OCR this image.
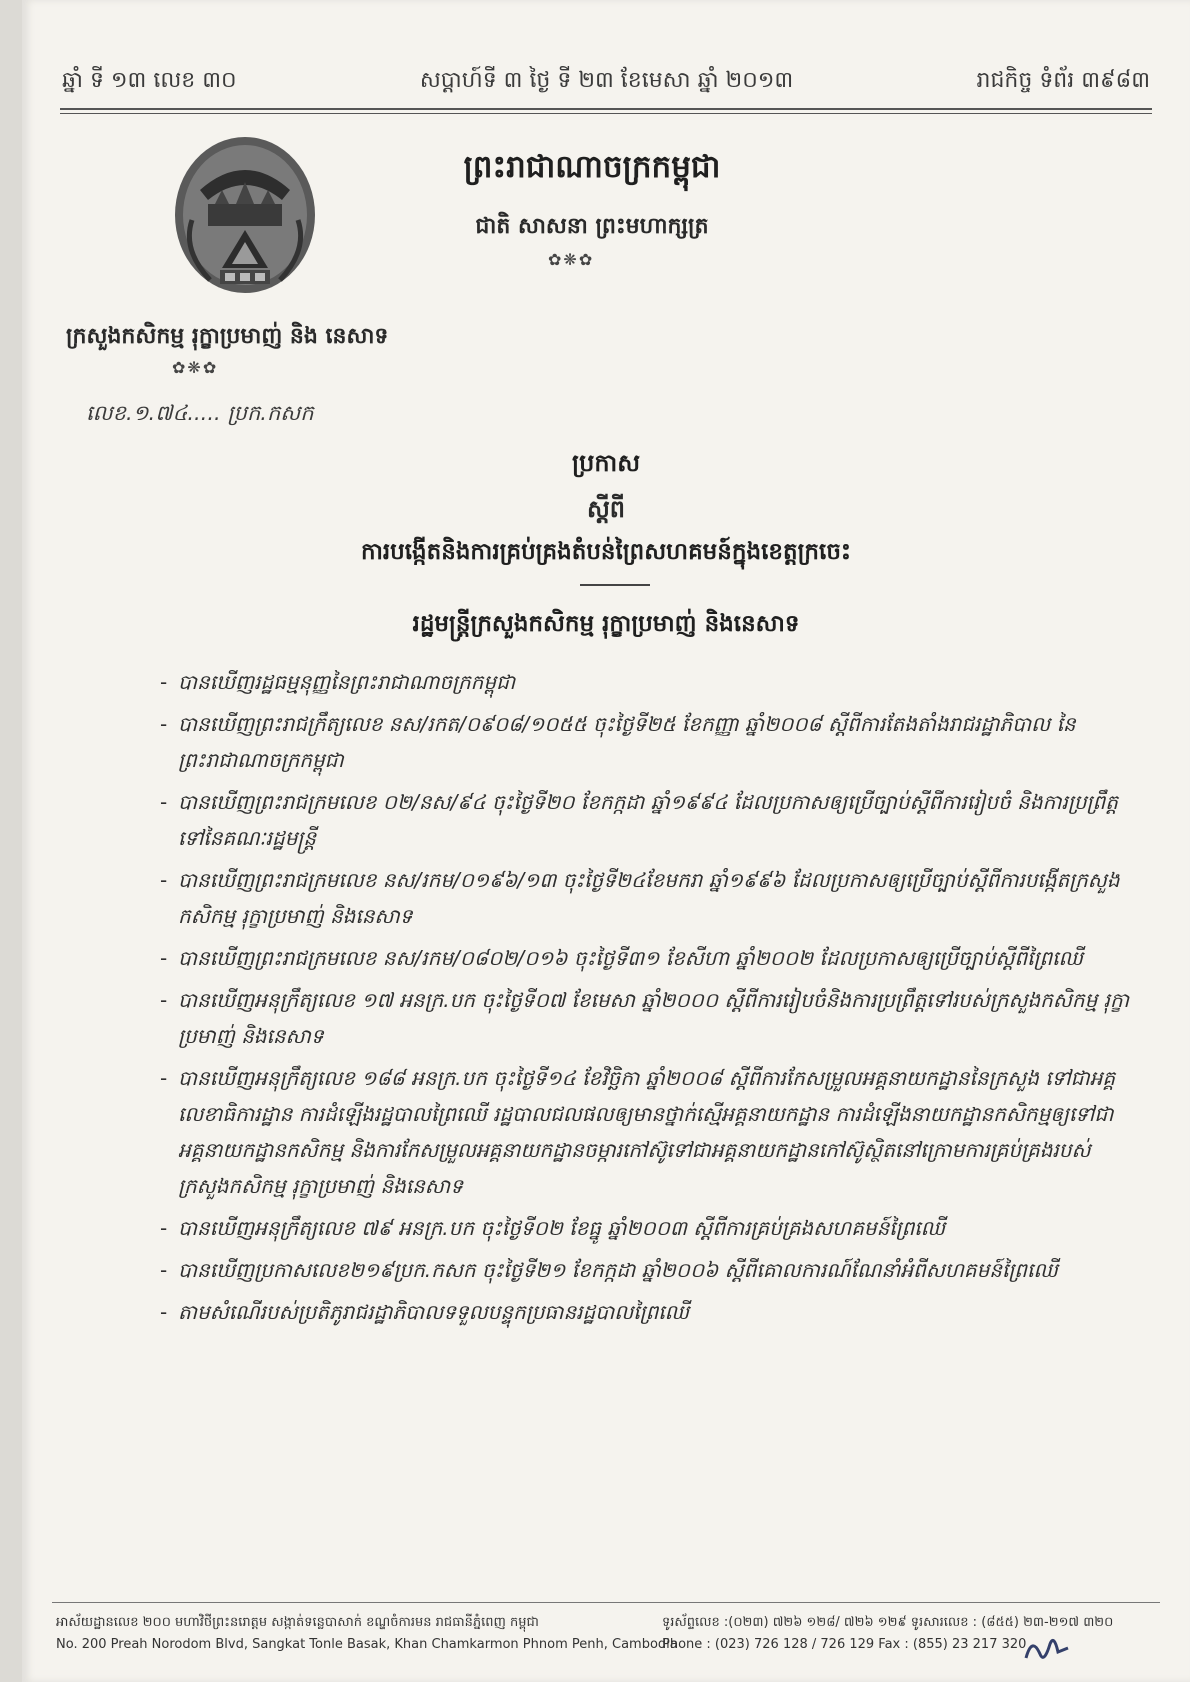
ឆ្នាំ ទី ១៣ លេខ ៣០	សប្តាហ៍ទី ៣ ថ្ងៃ ទី ២៣ ខែមេសា ឆ្នាំ ២០១៣	រាជកិច្ច ទំព័រ ៣៩៨៣
ព្រះរាជាណាចក្រកម្ពុជា
ជាតិ សាសនា ព្រះមហាក្សត្រ
✿❋✿
ក្រសួងកសិកម្ម រុក្ខាប្រមាញ់ និង នេសាទ
✿❋✿
លេខ.១.៧៤..... ប្រក.កសក
ប្រកាស
ស្តីពី
ការបង្កើតនិងការគ្រប់គ្រងតំបន់ព្រៃសហគមន៍ក្នុងខេត្តក្រចេះ
រដ្ឋមន្ត្រីក្រសួងកសិកម្ម រុក្ខាប្រមាញ់ និងនេសាទ
- បានឃើញរដ្ឋធម្មនុញ្ញនៃព្រះរាជាណាចក្រកម្ពុជា
- បានឃើញព្រះរាជក្រឹត្យលេខ នស/រកត/០៩០៨/១០៥៥ ចុះថ្ងៃទី២៥ ខែកញ្ញា ឆ្នាំ២០០៨ ស្តីពីការតែងតាំងរាជរដ្ឋាភិបាល នៃព្រះរាជាណាចក្រកម្ពុជា
- បានឃើញព្រះរាជក្រមលេខ ០២/នស/៩៤ ចុះថ្ងៃទី២០ ខែកក្កដា ឆ្នាំ១៩៩៤ ដែលប្រកាសឲ្យប្រើច្បាប់ស្តីពីការរៀបចំ និងការប្រព្រឹត្តទៅនៃគណៈរដ្ឋមន្ត្រី
- បានឃើញព្រះរាជក្រមលេខ នស/រកម/០១៩៦/១៣ ចុះថ្ងៃទី២៤ខែមករា ឆ្នាំ១៩៩៦ ដែលប្រកាសឲ្យប្រើច្បាប់ស្តីពីការបង្កើតក្រសួងកសិកម្ម រុក្ខាប្រមាញ់ និងនេសាទ
- បានឃើញព្រះរាជក្រមលេខ នស/រកម/០៨០២/០១៦ ចុះថ្ងៃទី៣១ ខែសីហា ឆ្នាំ២០០២ ដែលប្រកាសឲ្យប្រើច្បាប់ស្តីពីព្រៃឈើ
- បានឃើញអនុក្រឹត្យលេខ ១៧ អនក្រ.បក ចុះថ្ងៃទី០៧ ខែមេសា ឆ្នាំ២០០០ ស្តីពីការរៀបចំនិងការប្រព្រឹត្តទៅរបស់ក្រសួងកសិកម្ម រុក្ខាប្រមាញ់ និងនេសាទ
- បានឃើញអនុក្រឹត្យលេខ ១៨៨ អនក្រ.បក ចុះថ្ងៃទី១៤ ខែវិច្ឆិកា ឆ្នាំ២០០៨ ស្តីពីការកែសម្រួលអគ្គនាយកដ្ឋាននៃក្រសួង ទៅជាអគ្គលេខាធិការដ្ឋាន ការដំឡើងរដ្ឋបាលព្រៃឈើ រដ្ឋបាលជលផលឲ្យមានថ្នាក់ស្មើអគ្គនាយកដ្ឋាន ការដំឡើងនាយកដ្ឋានកសិកម្មឲ្យទៅជាអគ្គនាយកដ្ឋានកសិកម្ម និងការកែសម្រួលអគ្គនាយកដ្ឋានចម្ការកៅស៊ូទៅជាអគ្គនាយកដ្ឋានកៅស៊ូស្ថិតនៅក្រោមការគ្រប់គ្រងរបស់ក្រសួងកសិកម្ម រុក្ខាប្រមាញ់ និងនេសាទ
- បានឃើញអនុក្រឹត្យលេខ ៧៩ អនក្រ.បក ចុះថ្ងៃទី០២ ខែធ្នូ ឆ្នាំ២០០៣ ស្តីពីការគ្រប់គ្រងសហគមន៍ព្រៃឈើ
- បានឃើញប្រកាសលេខ២១៩ប្រក.កសក ចុះថ្ងៃទី២១ ខែកក្កដា ឆ្នាំ២០០៦ ស្តីពីគោលការណ៍ណែនាំអំពីសហគមន៍ព្រៃឈើ
- តាមសំណើរបស់ប្រតិភូរាជរដ្ឋាភិបាលទទួលបន្ទុកប្រធានរដ្ឋបាលព្រៃឈើ
អាស័យដ្ឋានលេខ ២០០ មហាវិថីព្រះនរោត្តម សង្កាត់ទន្លេបាសាក់ ខណ្ឌចំការមន រាជធានីភ្នំពេញ កម្ពុជា
No. 200 Preah Norodom Blvd, Sangkat Tonle Basak, Khan Chamkarmon Phnom Penh, Cambodia
ទូរស័ព្ទលេខ :(០២៣) ៧២៦ ១២៨/ ៧២៦ ១២៩ ទូរសារលេខ : (៨៥៥) ២៣-២១៧ ៣២០
Phone : (023) 726 128 / 726 129 Fax : (855) 23 217 320
